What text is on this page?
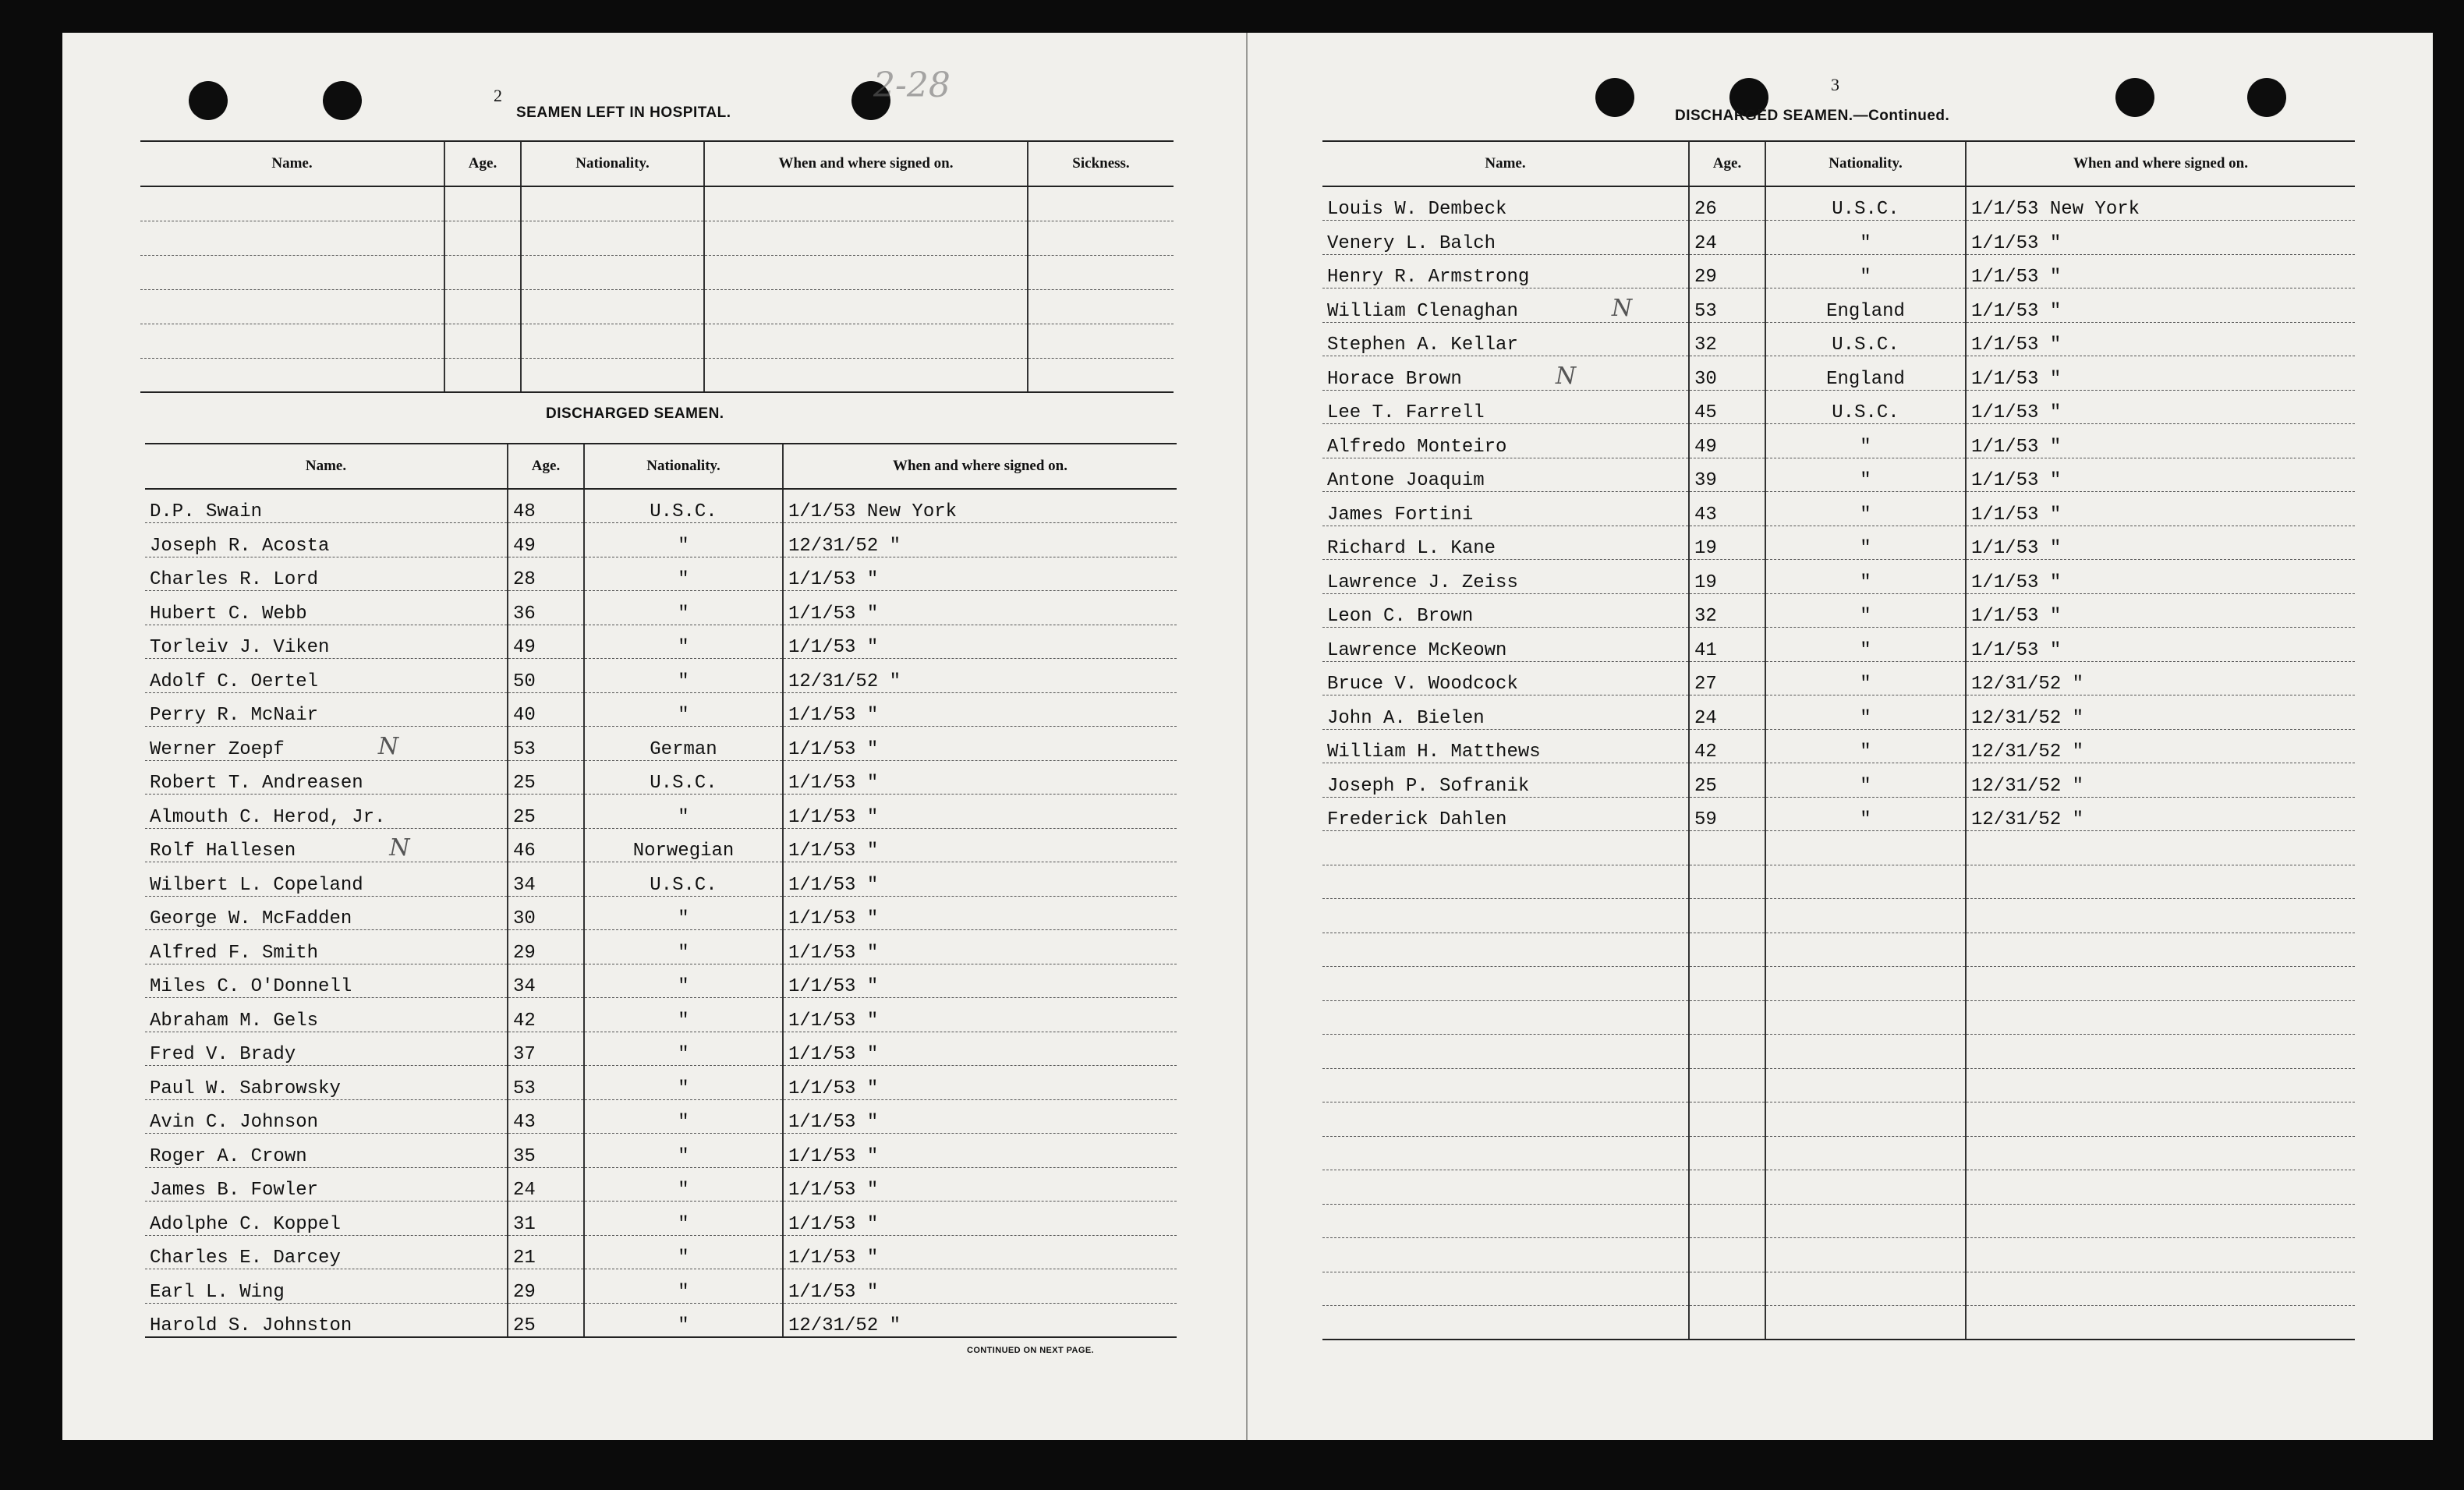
2	2-28
SEAMEN LEFT IN HOSPITAL.
Name.	Age.	Nationality.	When and where signed on.	Sickness.

DISCHARGED SEAMEN.
Name.	Age.	Nationality.	When and where signed on.
D.P. Swain	48	U.S.C.	1/1/53 New York
Joseph R. Acosta	49	"	12/31/52 "
Charles R. Lord	28	"	1/1/53 "
Hubert C. Webb	36	"	1/1/53 "
Torleiv J. Viken	49	"	1/1/53 "
Adolf C. Oertel	50	"	12/31/52 "
Perry R. McNair	40	"	1/1/53 "
Werner Zoepf N	53	German	1/1/53 "
Robert T. Andreasen	25	U.S.C.	1/1/53 "
Almouth C. Herod, Jr.	25	"	1/1/53 "
Rolf Hallesen N	46	Norwegian	1/1/53 "
Wilbert L. Copeland	34	U.S.C.	1/1/53 "
George W. McFadden	30	"	1/1/53 "
Alfred F. Smith	29	"	1/1/53 "
Miles C. O'Donnell	34	"	1/1/53 "
Abraham M. Gels	42	"	1/1/53 "
Fred V. Brady	37	"	1/1/53 "
Paul W. Sabrowsky	53	"	1/1/53 "
Avin C. Johnson	43	"	1/1/53 "
Roger A. Crown	35	"	1/1/53 "
James B. Fowler	24	"	1/1/53 "
Adolphe C. Koppel	31	"	1/1/53 "
Charles E. Darcey	21	"	1/1/53 "
Earl L. Wing	29	"	1/1/53 "
Harold S. Johnston	25	"	12/31/52 "
CONTINUED ON NEXT PAGE.
3
DISCHARGED SEAMEN.—Continued.
Name.	Age.	Nationality.	When and where signed on.
Louis W. Dembeck	26	U.S.C.	1/1/53 New York
Venery L. Balch	24	"	1/1/53 "
Henry R. Armstrong	29	"	1/1/53 "
William Clenaghan N	53	England	1/1/53 "
Stephen A. Kellar	32	U.S.C.	1/1/53 "
Horace Brown N	30	England	1/1/53 "
Lee T. Farrell	45	U.S.C.	1/1/53 "
Alfredo Monteiro	49	"	1/1/53 "
Antone Joaquim	39	"	1/1/53 "
James Fortini	43	"	1/1/53 "
Richard L. Kane	19	"	1/1/53 "
Lawrence J. Zeiss	19	"	1/1/53 "
Leon C. Brown	32	"	1/1/53 "
Lawrence McKeown	41	"	1/1/53 "
Bruce V. Woodcock	27	"	12/31/52 "
John A. Bielen	24	"	12/31/52 "
William H. Matthews	42	"	12/31/52 "
Joseph P. Sofranik	25	"	12/31/52 "
Frederick Dahlen	59	"	12/31/52 "
